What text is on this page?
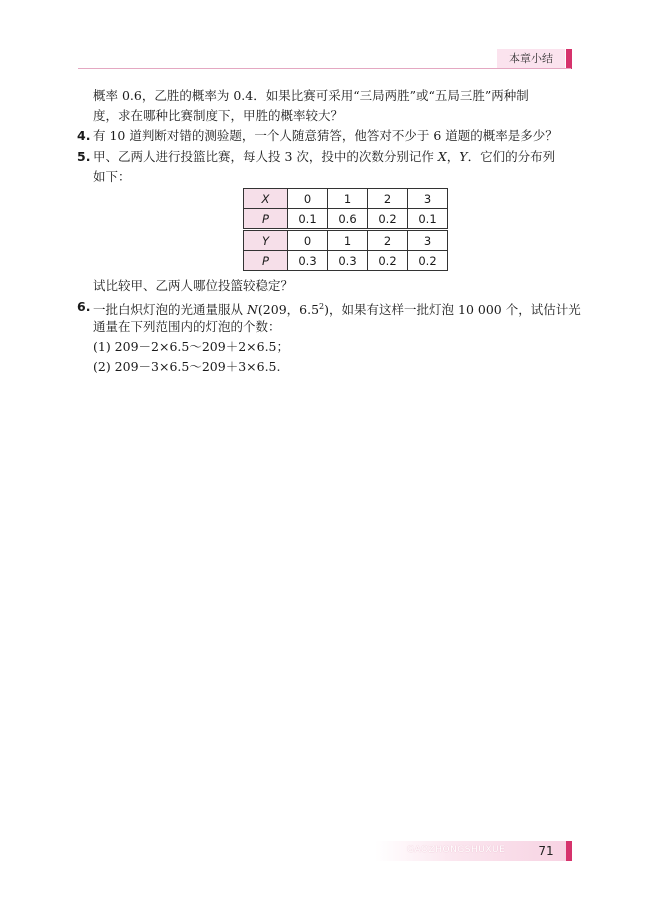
本章小结
概率 0.6，乙胜的概率为 0.4．如果比赛可采用“三局两胜”或“五局三胜”两种制
度，求在哪种比赛制度下，甲胜的概率较大？
4. 有 10 道判断对错的测验题，一个人随意猜答，他答对不少于 6 道题的概率是多少？
5. 甲、乙两人进行投篮比赛，每人投 3 次，投中的次数分别记作 X，Y．它们的分布列
如下：
X	0	1	2	3
P	0.1	0.6	0.2	0.1
Y	0	1	2	3
P	0.3	0.3	0.2	0.2
试比较甲、乙两人哪位投篮较稳定？
6. 一批白炽灯泡的光通量服从 N(209，$6.5^2$)，如果有这样一批灯泡 10 000 个，试估计光
通量在下列范围内的灯泡的个数：
(1) 209－2×6.5～209＋2×6.5；
(2) 209－3×6.5～209＋3×6.5.
GAOZHONGSHUXUE	71
